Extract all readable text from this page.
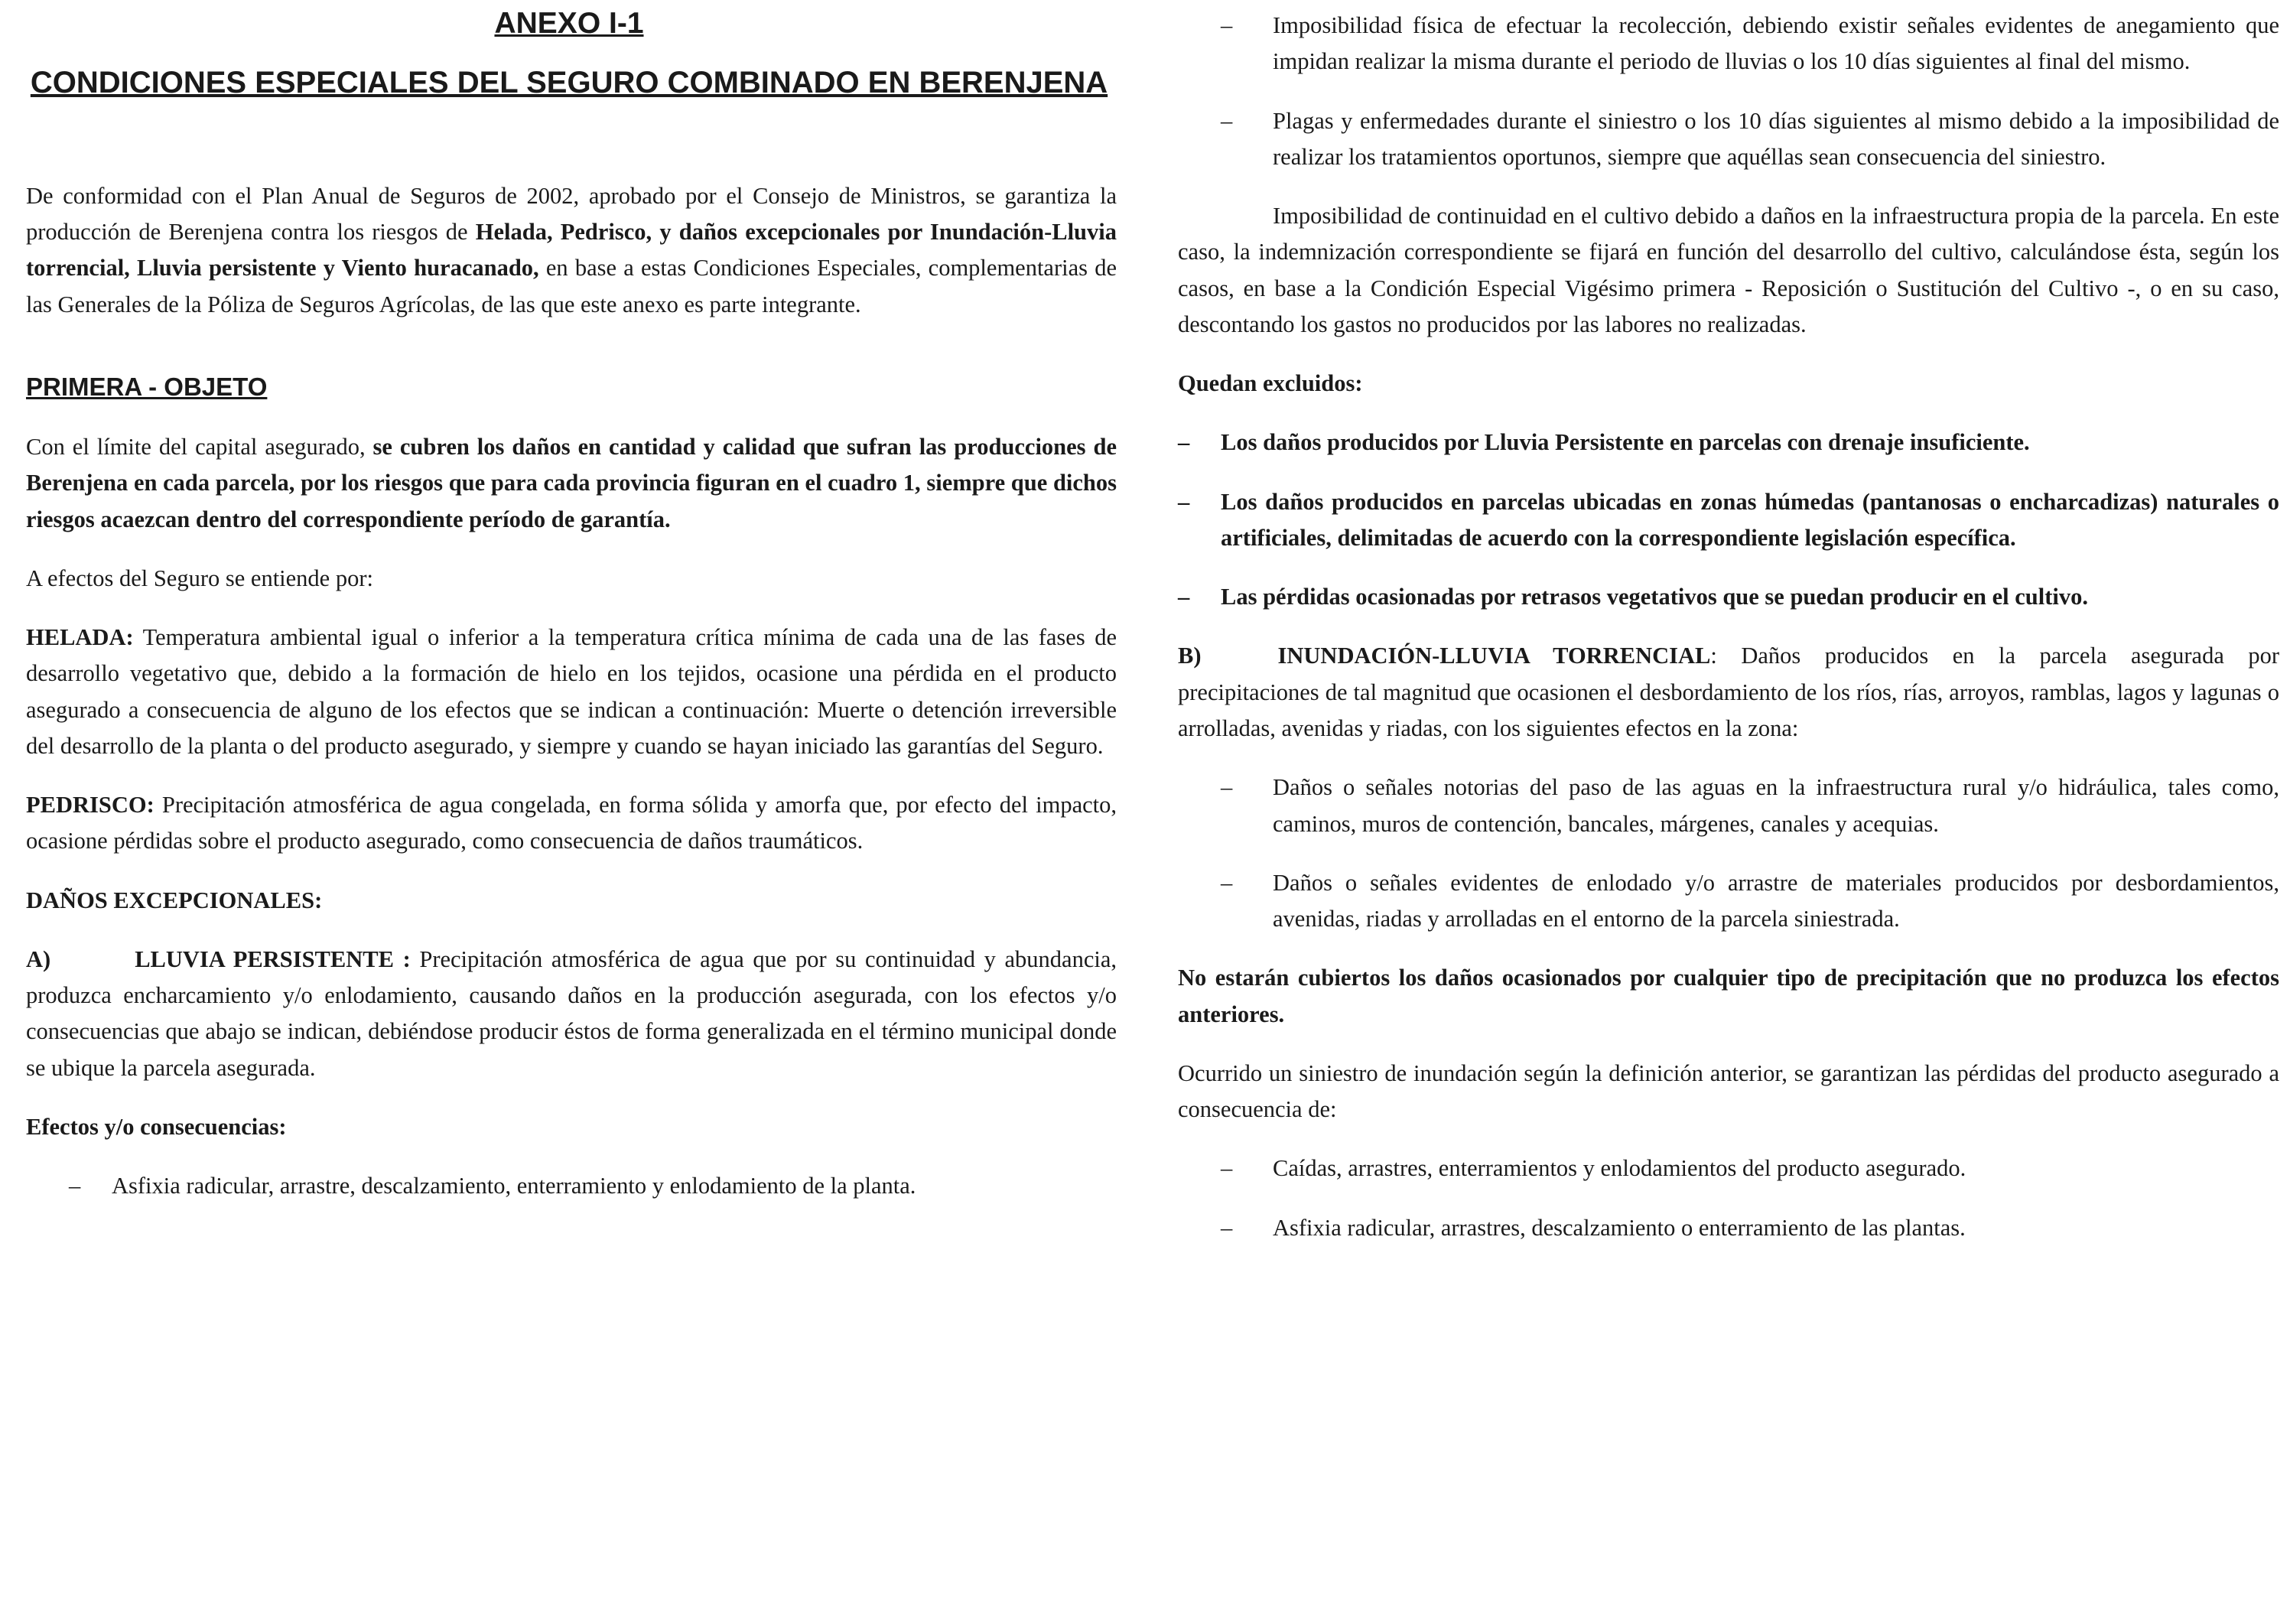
ANEXO I-1
CONDICIONES ESPECIALES DEL SEGURO COMBINADO EN BERENJENA

De conformidad con el Plan Anual de Seguros de 2002, aprobado por el Consejo de Ministros, se garantiza la producción de Berenjena contra los riesgos de Helada, Pedrisco, y daños excepcionales por Inundación-Lluvia torrencial, Lluvia persistente y Viento huracanado, en base a estas Condiciones Especiales, complementarias de las Generales de la Póliza de Seguros Agrícolas, de las que este anexo es parte integrante.

PRIMERA - OBJETO

Con el límite del capital asegurado, se cubren los daños en cantidad y calidad que sufran las producciones de Berenjena en cada parcela, por los riesgos que para cada provincia figuran en el cuadro 1, siempre que dichos riesgos acaezcan dentro del correspondiente período de garantía.

A efectos del Seguro se entiende por:

HELADA: Temperatura ambiental igual o inferior a la temperatura crítica mínima de cada una de las fases de desarrollo vegetativo que, debido a la formación de hielo en los tejidos, ocasione una pérdida en el producto asegurado a consecuencia de alguno de los efectos que se indican a continuación: Muerte o detención irreversible del desarrollo de la planta o del producto asegurado, y siempre y cuando se hayan iniciado las garantías del Seguro.

PEDRISCO: Precipitación atmosférica de agua congelada, en forma sólida y amorfa que, por efecto del impacto, ocasione pérdidas sobre el producto asegurado, como consecuencia de daños traumáticos.

DAÑOS EXCEPCIONALES:

A)	LLUVIA PERSISTENTE : Precipitación atmosférica de agua que por su continuidad y abundancia, produzca encharcamiento y/o enlodamiento, causando daños en la producción asegurada, con los efectos y/o consecuencias que abajo se indican, debiéndose producir éstos de forma generalizada en el término municipal donde se ubique la parcela asegurada.

Efectos y/o consecuencias:

– Asfixia radicular, arrastre, descalzamiento, enterramiento y enlodamiento de la planta.
– Imposibilidad física de efectuar la recolección, debiendo existir señales evidentes de anegamiento que impidan realizar la misma durante el periodo de lluvias o los 10 días siguientes al final del mismo.
– Plagas y enfermedades durante el siniestro o los 10 días siguientes al mismo debido a la imposibilidad de realizar los tratamientos oportunos, siempre que aquéllas sean consecuencia del siniestro.

Imposibilidad de continuidad en el cultivo debido a daños en la infraestructura propia de la parcela. En este caso, la indemnización correspondiente se fijará en función del desarrollo del cultivo, calculándose ésta, según los casos, en base a la Condición Especial Vigésimo primera - Reposición o Sustitución del Cultivo -, o en su caso, descontando los gastos no producidos por las labores no realizadas.

Quedan excluidos:

– Los daños producidos por Lluvia Persistente en parcelas con drenaje insuficiente.
– Los daños producidos en parcelas ubicadas en zonas húmedas (pantanosas o encharcadizas) naturales o artificiales, delimitadas de acuerdo con la correspondiente legislación específica.
– Las pérdidas ocasionadas por retrasos vegetativos que se puedan producir en el cultivo.

B)	INUNDACIÓN-LLUVIA TORRENCIAL: Daños producidos en la parcela asegurada por precipitaciones de tal magnitud que ocasionen el desbordamiento de los ríos, rías, arroyos, ramblas, lagos y lagunas o arrolladas, avenidas y riadas, con los siguientes efectos en la zona:

– Daños o señales notorias del paso de las aguas en la infraestructura rural y/o hidráulica, tales como, caminos, muros de contención, bancales, márgenes, canales y acequias.
– Daños o señales evidentes de enlodado y/o arrastre de materiales producidos por desbordamientos, avenidas, riadas y arrolladas en el entorno de la parcela siniestrada.

No estarán cubiertos los daños ocasionados por cualquier tipo de precipitación que no produzca los efectos anteriores.

Ocurrido un siniestro de inundación según la definición anterior, se garantizan las pérdidas del producto asegurado a consecuencia de:

– Caídas, arrastres, enterramientos y enlodamientos del producto asegurado.
– Asfixia radicular, arrastres, descalzamiento o enterramiento de las plantas.
